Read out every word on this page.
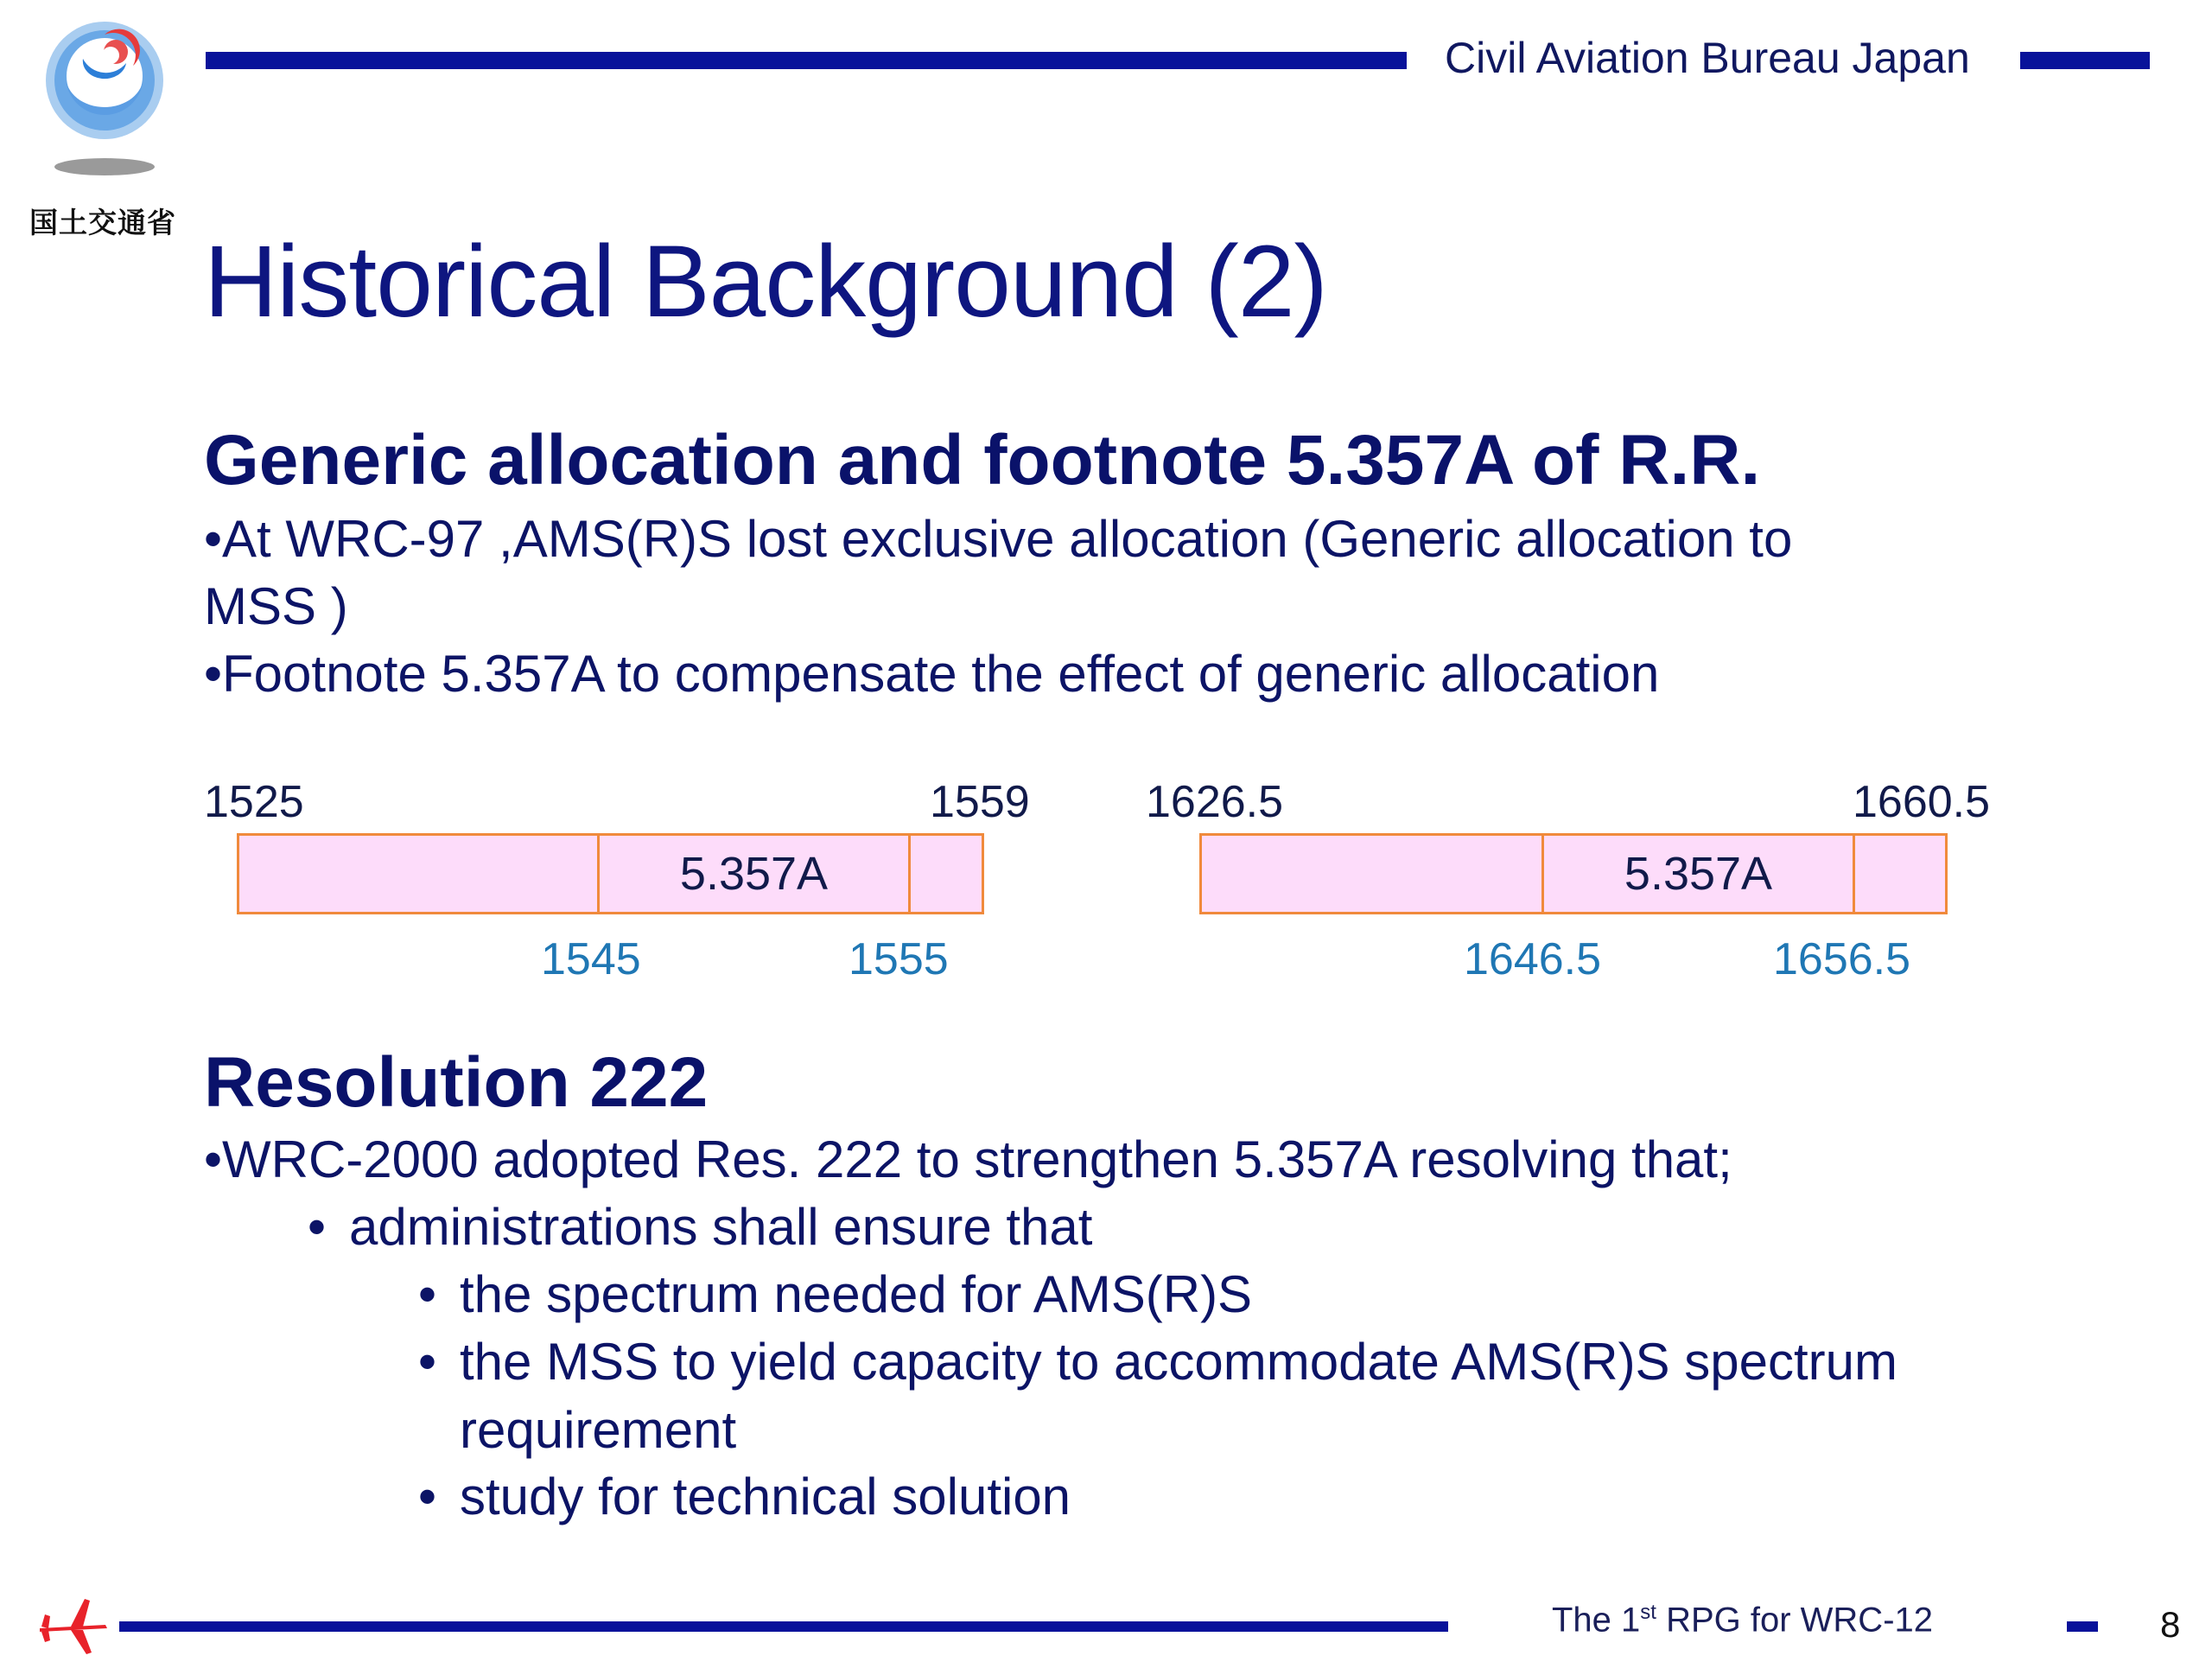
国土交通省
Civil Aviation Bureau Japan
Historical Background (2)
Generic allocation and footnote 5.357A of R.R.
•At WRC-97 ,AMS(R)S lost exclusive allocation (Generic allocation to
MSS )
•Footnote 5.357A to compensate the effect of generic allocation
1525	1559
5.357A
1545	1555
1626.5	1660.5
5.357A
1646.5	1656.5
Resolution 222
•WRC-2000 adopted Res. 222 to strengthen 5.357A resolving that;
• administrations shall ensure that
• the spectrum needed for AMS(R)S
• the MSS to yield capacity to accommodate AMS(R)S spectrum requirement
• study for technical solution
The 1st RPG for WRC-12	8
